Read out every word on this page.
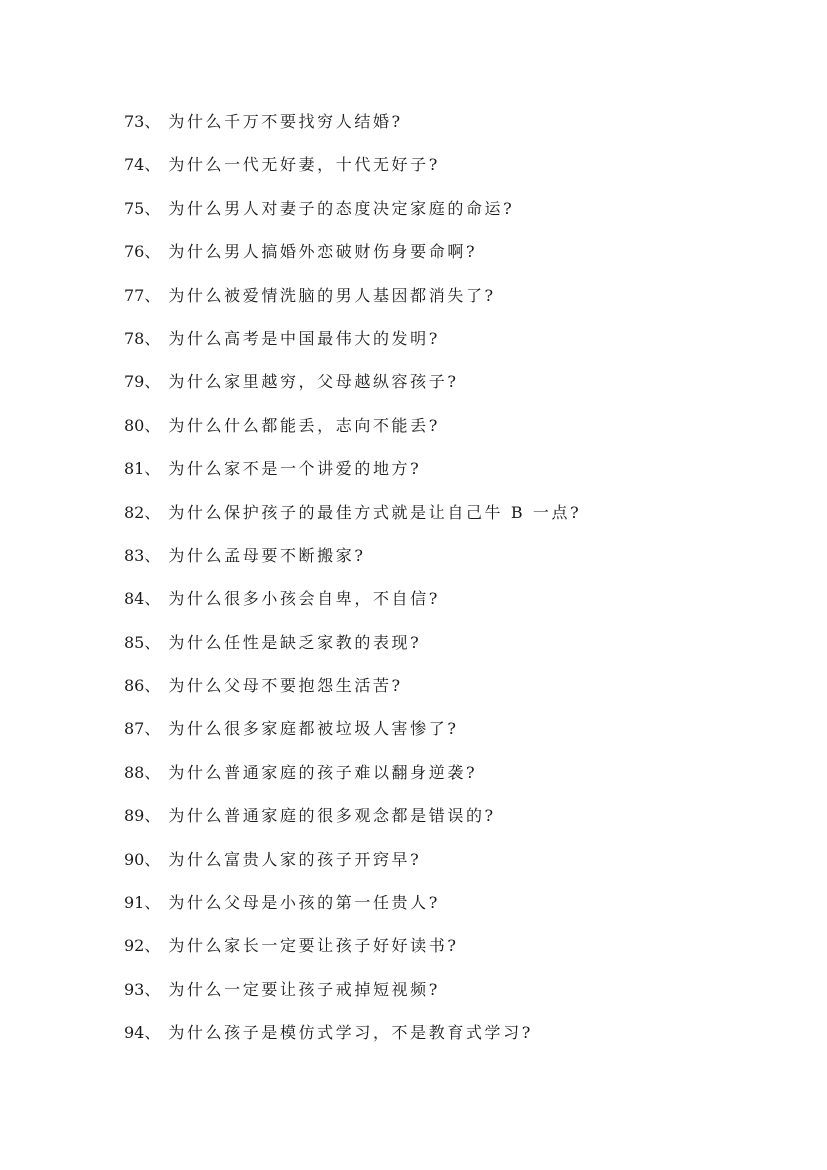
73、 为什么千万不要找穷人结婚?
74、 为什么一代无好妻，十代无好子?
75、 为什么男人对妻子的态度决定家庭的命运?
76、 为什么男人搞婚外恋破财伤身要命啊?
77、 为什么被爱情洗脑的男人基因都消失了?
78、 为什么高考是中国最伟大的发明?
79、 为什么家里越穷，父母越纵容孩子?
80、 为什么什么都能丢，志向不能丢?
81、 为什么家不是一个讲爱的地方?
82、 为什么保护孩子的最佳方式就是让自己牛 B 一点?
83、 为什么孟母要不断搬家?
84、 为什么很多小孩会自卑，不自信?
85、 为什么任性是缺乏家教的表现?
86、 为什么父母不要抱怨生活苦?
87、 为什么很多家庭都被垃圾人害惨了?
88、 为什么普通家庭的孩子难以翻身逆袭?
89、 为什么普通家庭的很多观念都是错误的?
90、 为什么富贵人家的孩子开窍早?
91、 为什么父母是小孩的第一任贵人?
92、 为什么家长一定要让孩子好好读书?
93、 为什么一定要让孩子戒掉短视频?
94、 为什么孩子是模仿式学习，不是教育式学习?
